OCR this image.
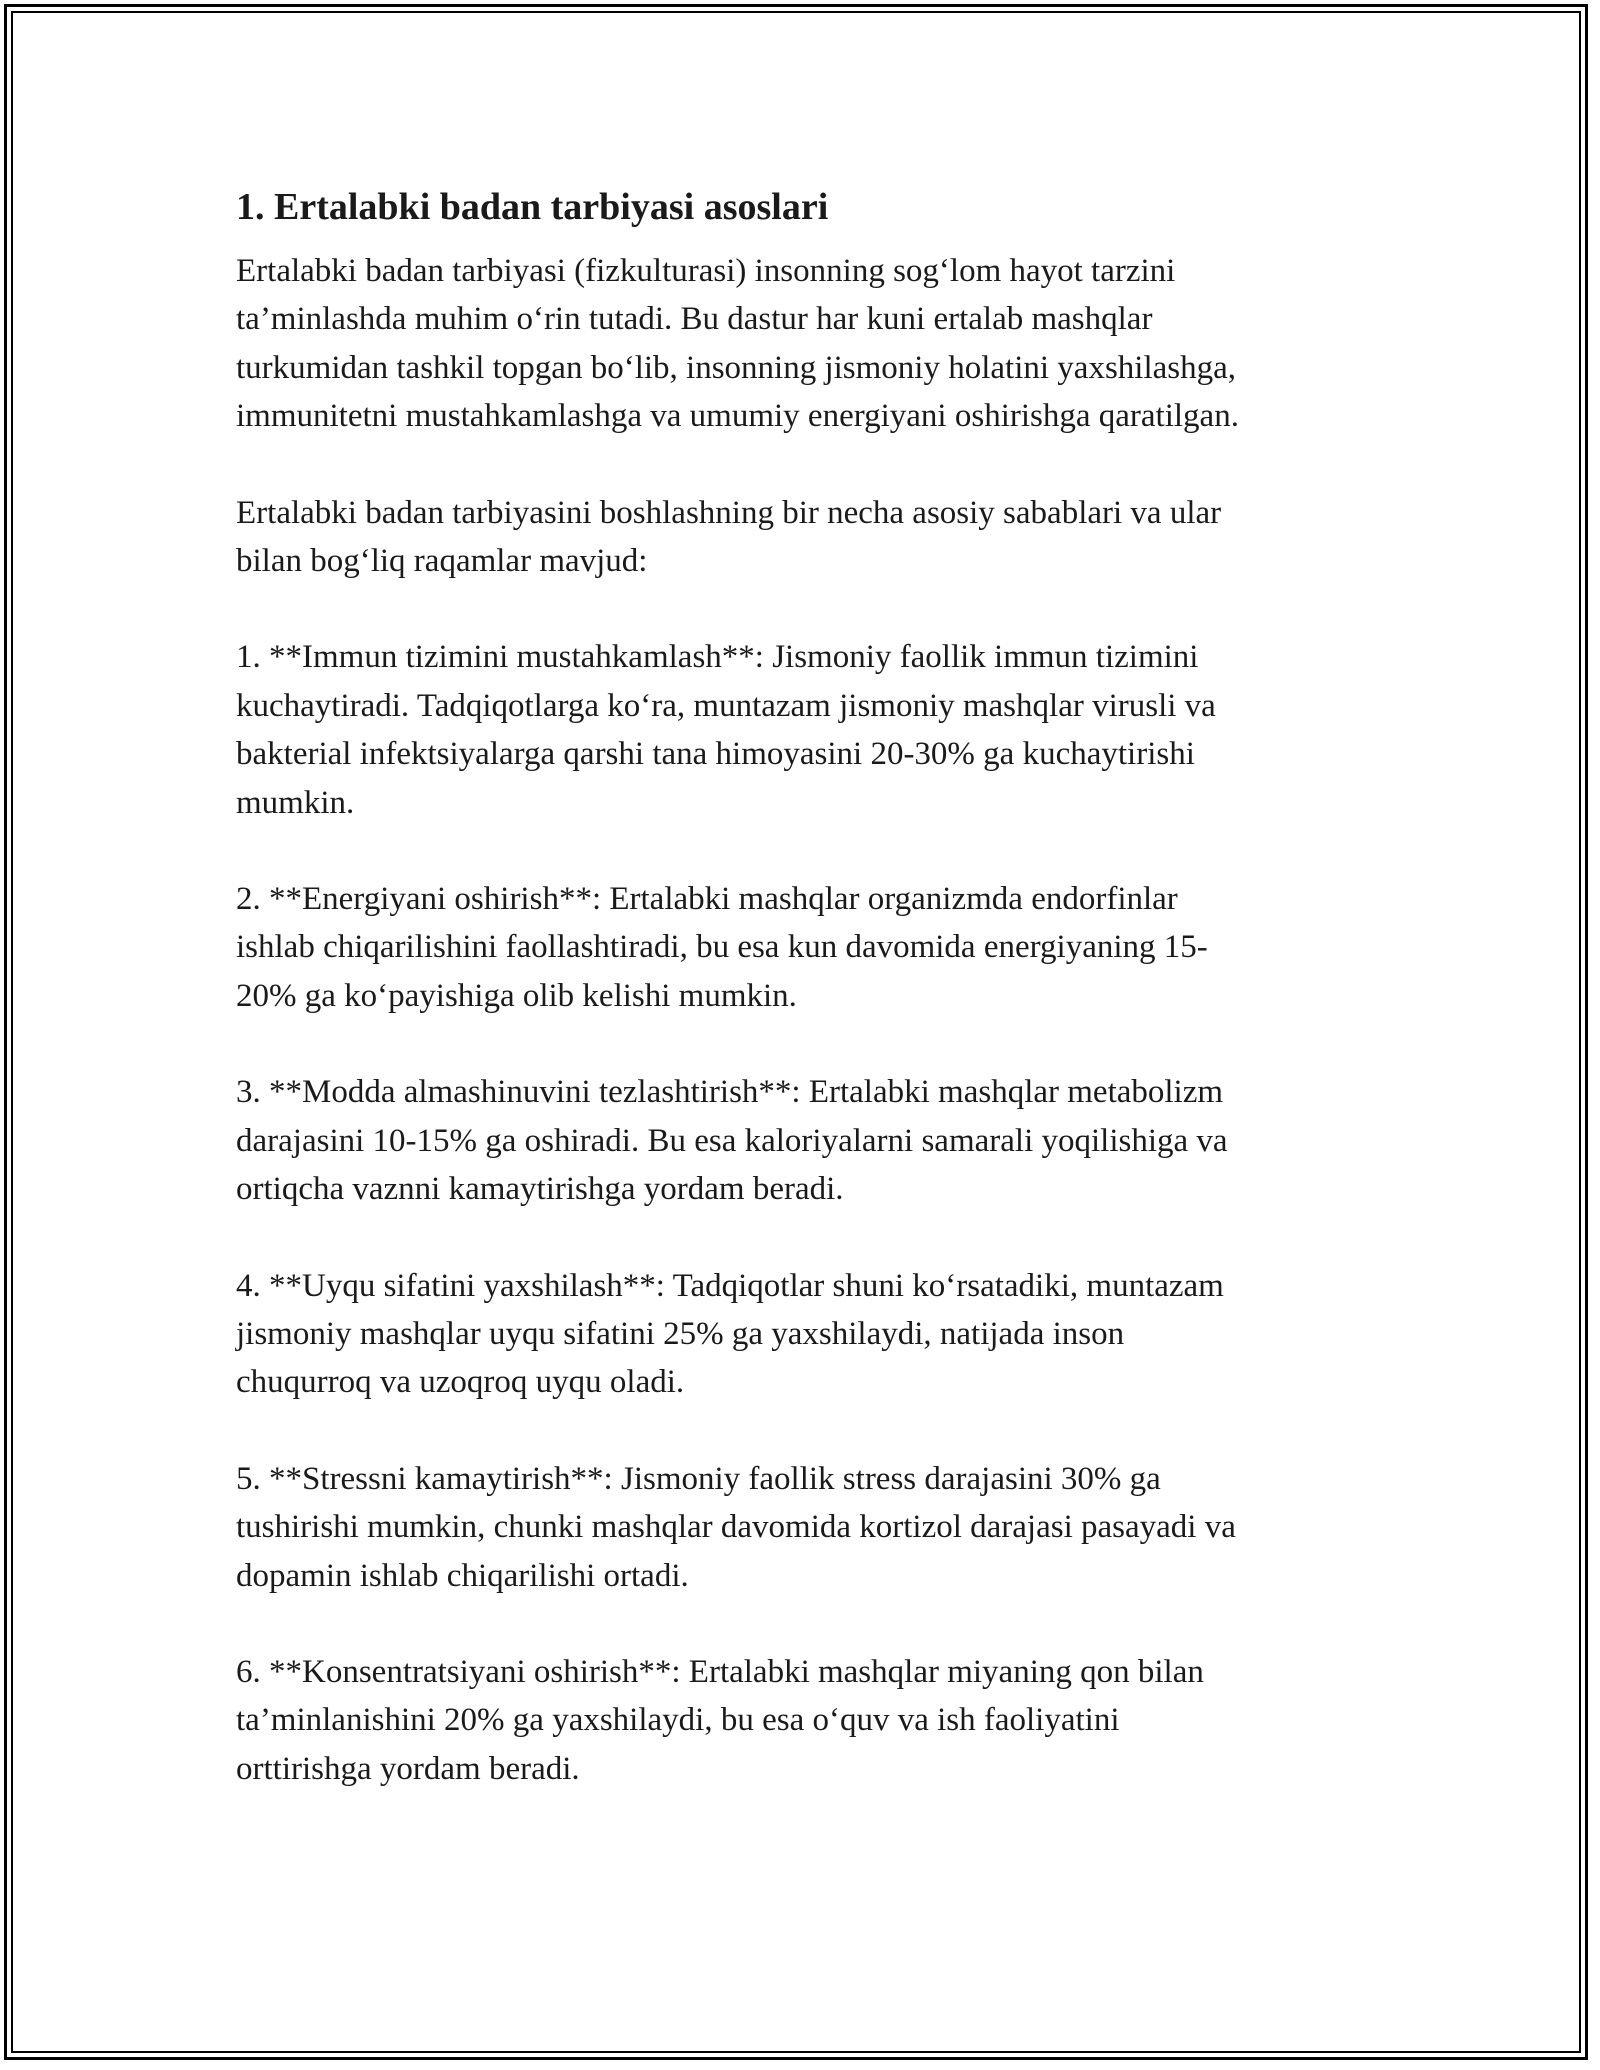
1. Ertalabki badan tarbiyasi asoslari

Ertalabki badan tarbiyasi (fizkulturasi) insonning sog‘lom hayot tarzini
ta’minlashda muhim o‘rin tutadi. Bu dastur har kuni ertalab mashqlar
turkumidan tashkil topgan bo‘lib, insonning jismoniy holatini yaxshilashga,
immunitetni mustahkamlashga va umumiy energiyani oshirishga qaratilgan.

Ertalabki badan tarbiyasini boshlashning bir necha asosiy sabablari va ular
bilan bog‘liq raqamlar mavjud:

1. **Immun tizimini mustahkamlash**: Jismoniy faollik immun tizimini
kuchaytiradi. Tadqiqotlarga ko‘ra, muntazam jismoniy mashqlar virusli va
bakterial infektsiyalarga qarshi tana himoyasini 20-30% ga kuchaytirishi
mumkin.

2. **Energiyani oshirish**: Ertalabki mashqlar organizmda endorfinlar
ishlab chiqarilishini faollashtiradi, bu esa kun davomida energiyaning 15-
20% ga ko‘payishiga olib kelishi mumkin.

3. **Modda almashinuvini tezlashtirish**: Ertalabki mashqlar metabolizm
darajasini 10-15% ga oshiradi. Bu esa kaloriyalarni samarali yoqilishiga va
ortiqcha vaznni kamaytirishga yordam beradi.

4. **Uyqu sifatini yaxshilash**: Tadqiqotlar shuni ko‘rsatadiki, muntazam
jismoniy mashqlar uyqu sifatini 25% ga yaxshilaydi, natijada inson
chuqurroq va uzoqroq uyqu oladi.

5. **Stressni kamaytirish**: Jismoniy faollik stress darajasini 30% ga
tushirishi mumkin, chunki mashqlar davomida kortizol darajasi pasayadi va
dopamin ishlab chiqarilishi ortadi.

6. **Konsentratsiyani oshirish**: Ertalabki mashqlar miyaning qon bilan
ta’minlanishini 20% ga yaxshilaydi, bu esa o‘quv va ish faoliyatini
orttirishga yordam beradi.
